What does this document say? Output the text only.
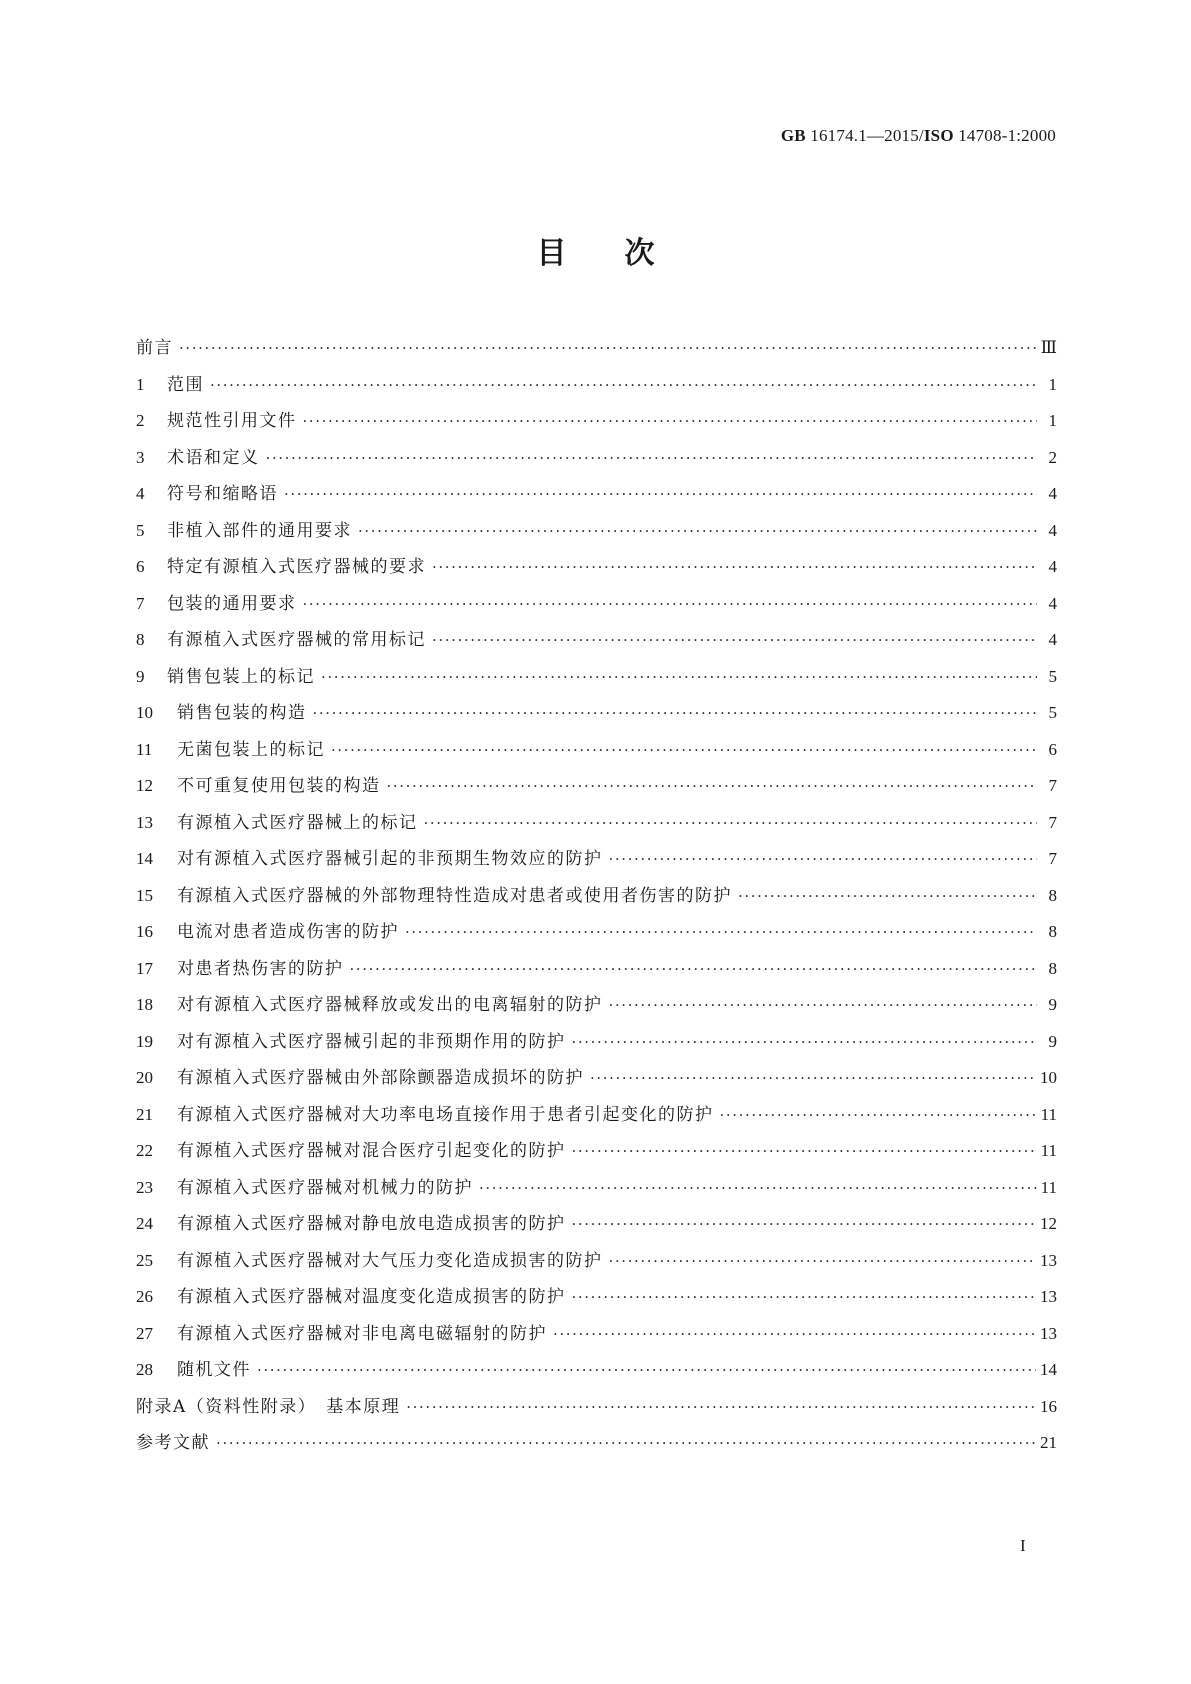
GB 16174.1—2015/ISO 14708-1:2000
目次
前言 ·····	Ⅲ
1	范围 ·····	1
2	规范性引用文件 ·····	1
3	术语和定义 ·····	2
4	符号和缩略语 ·····	4
5	非植入部件的通用要求 ·····	4
6	特定有源植入式医疗器械的要求 ·····	4
7	包装的通用要求 ·····	4
8	有源植入式医疗器械的常用标记 ·····	4
9	销售包装上的标记 ·····	5
10	销售包装的构造 ·····	5
11	无菌包装上的标记 ·····	6
12	不可重复使用包装的构造 ·····	7
13	有源植入式医疗器械上的标记 ·····	7
14	对有源植入式医疗器械引起的非预期生物效应的防护 ·····	7
15	有源植入式医疗器械的外部物理特性造成对患者或使用者伤害的防护 ·····	8
16	电流对患者造成伤害的防护 ·····	8
17	对患者热伤害的防护 ·····	8
18	对有源植入式医疗器械释放或发出的电离辐射的防护 ·····	9
19	对有源植入式医疗器械引起的非预期作用的防护 ·····	9
20	有源植入式医疗器械由外部除颤器造成损坏的防护 ·····	10
21	有源植入式医疗器械对大功率电场直接作用于患者引起变化的防护 ·····	11
22	有源植入式医疗器械对混合医疗引起变化的防护 ·····	11
23	有源植入式医疗器械对机械力的防护 ·····	11
24	有源植入式医疗器械对静电放电造成损害的防护 ·····	12
25	有源植入式医疗器械对大气压力变化造成损害的防护 ·····	13
26	有源植入式医疗器械对温度变化造成损害的防护 ·····	13
27	有源植入式医疗器械对非电离电磁辐射的防护 ·····	13
28	随机文件 ·····	14
附录A（资料性附录）　基本原理 ·····	16
参考文献 ·····	21
I
